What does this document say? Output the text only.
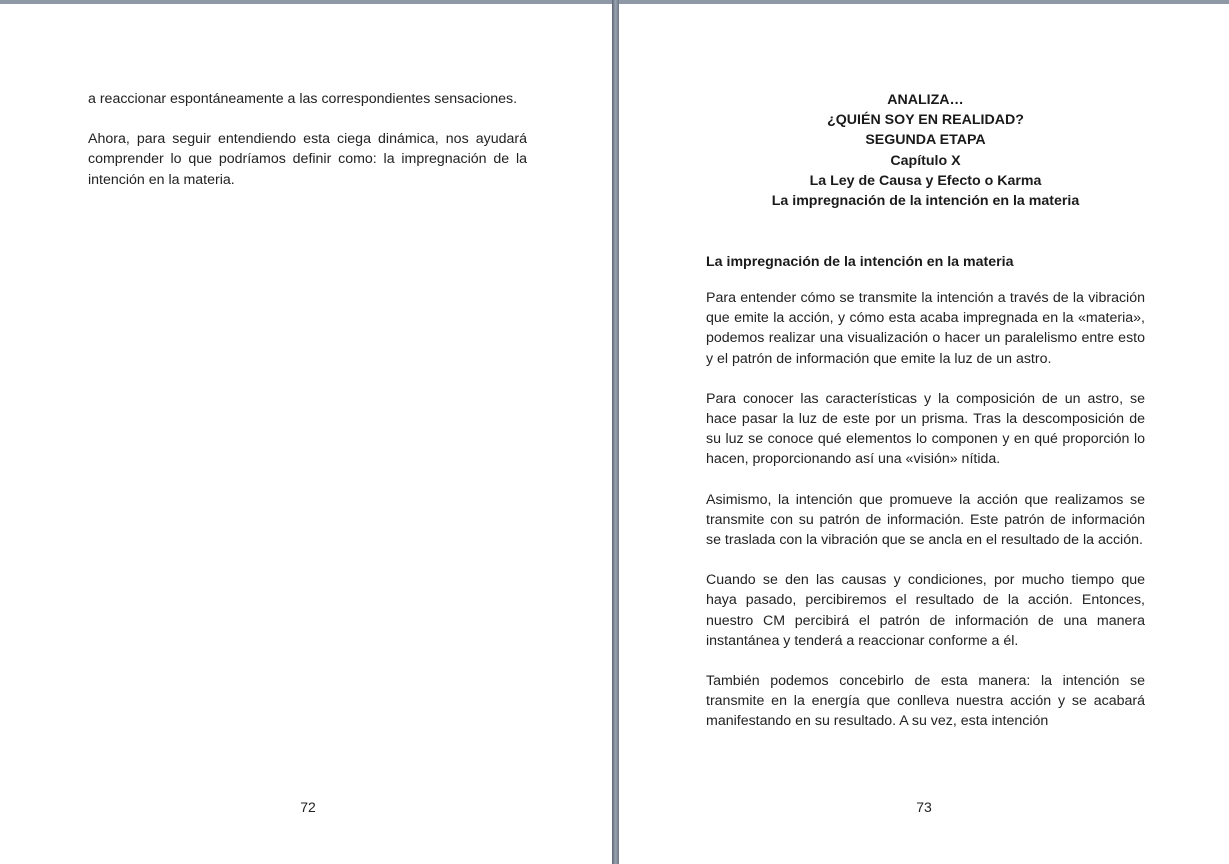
a reaccionar espontáneamente a las correspondientes sensaciones.

Ahora, para seguir entendiendo esta ciega dinámica, nos ayudará comprender lo que podríamos definir como: la impregnación de la intención en la materia.

72
ANALIZA…
¿QUIÉN SOY EN REALIDAD?
SEGUNDA ETAPA
Capítulo X
La Ley de Causa y Efecto o Karma
La impregnación de la intención en la materia
La impregnación de la intención en la materia

Para entender cómo se transmite la intención a través de la vibración que emite la acción, y cómo esta acaba impregnada en la «materia», podemos realizar una visualización o hacer un paralelismo entre esto y el patrón de información que emite la luz de un astro.

Para conocer las características y la composición de un astro, se hace pasar la luz de este por un prisma. Tras la descomposición de su luz se conoce qué elementos lo componen y en qué proporción lo hacen, proporcionando así una «visión» nítida.

Asimismo, la intención que promueve la acción que realizamos se transmite con su patrón de información. Este patrón de información se traslada con la vibración que se ancla en el resultado de la acción.

Cuando se den las causas y condiciones, por mucho tiempo que haya pasado, percibiremos el resultado de la acción. Entonces, nuestro CM percibirá el patrón de información de una manera instantánea y tenderá a reaccionar conforme a él.

También podemos concebirlo de esta manera: la intención se transmite en la energía que conlleva nuestra acción y se acabará manifestando en su resultado. A su vez, esta intención

73
